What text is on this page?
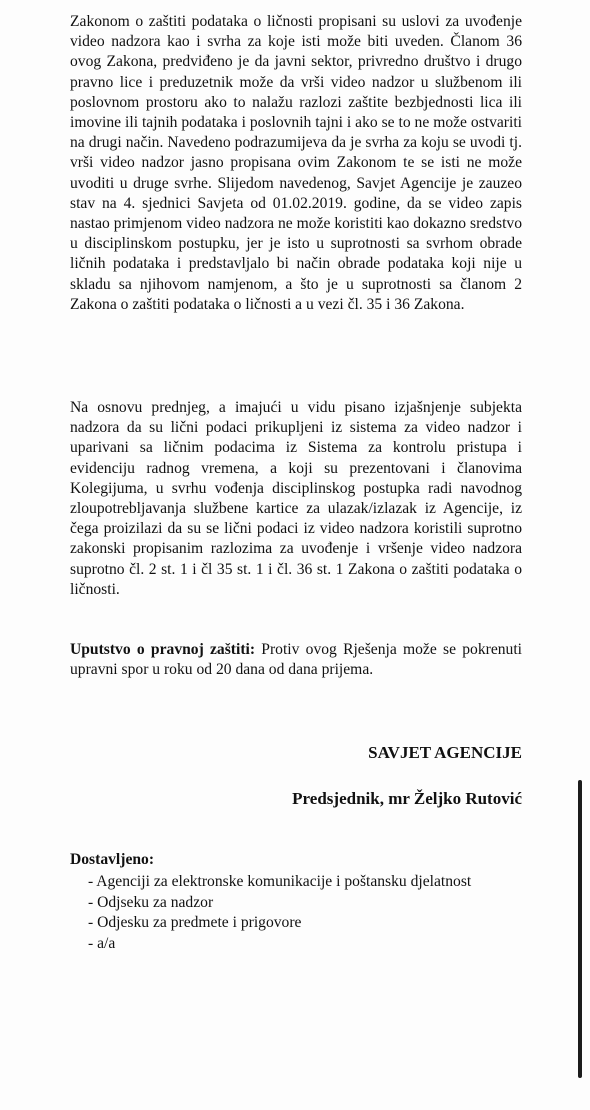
Zakonom o zaštiti podataka o ličnosti propisani su uslovi za uvođenje video nadzora kao i svrha za koje isti može biti uveden. Članom 36 ovog Zakona, predviđeno je da javni sektor, privredno društvo i drugo pravno lice i preduzetnik može da vrši video nadzor u službenom ili poslovnom prostoru ako to nalažu razlozi zaštite bezbjednosti lica ili imovine ili tajnih podataka i poslovnih tajni i ako se to ne može ostvariti na drugi način. Navedeno podrazumijeva da je svrha za koju se uvodi tj. vrši video nadzor jasno propisana ovim Zakonom te se isti ne može uvoditi u druge svrhe. Slijedom navedenog, Savjet Agencije je zauzeo stav na 4. sjednici Savjeta od 01.02.2019. godine, da se video zapis nastao primjenom video nadzora ne može koristiti kao dokazno sredstvo u disciplinskom postupku, jer je isto u suprotnosti sa svrhom obrade ličnih podataka i predstavljalo bi način obrade podataka koji nije u skladu sa njihovom namjenom, a što je u suprotnosti sa članom 2 Zakona o zaštiti podataka o ličnosti a u vezi čl. 35 i 36 Zakona.

Na osnovu prednjeg, a imajući u vidu pisano izjašnjenje subjekta nadzora da su lični podaci prikupljeni iz sistema za video nadzor i uparivani sa ličnim podacima iz Sistema za kontrolu pristupa i evidenciju radnog vremena, a koji su prezentovani i članovima Kolegijuma, u svrhu vođenja disciplinskog postupka radi navodnog zloupotrebljavanja službene kartice za ulazak/izlazak iz Agencije, iz čega proizilazi da su se lični podaci iz video nadzora koristili suprotno zakonski propisanim razlozima za uvođenje i vršenje video nadzora suprotno čl. 2 st. 1 i čl 35 st. 1 i čl. 36 st. 1 Zakona o zaštiti podataka o ličnosti.

Uputstvo o pravnoj zaštiti: Protiv ovog Rješenja može se pokrenuti upravni spor u roku od 20 dana od dana prijema.

SAVJET AGENCIJE
Predsjednik, mr Željko Rutović
Dostavljeno:
- Agenciji za elektronske komunikacije i poštansku djelatnost
- Odjseku za nadzor
- Odjesku za predmete i prigovore
- a/a
